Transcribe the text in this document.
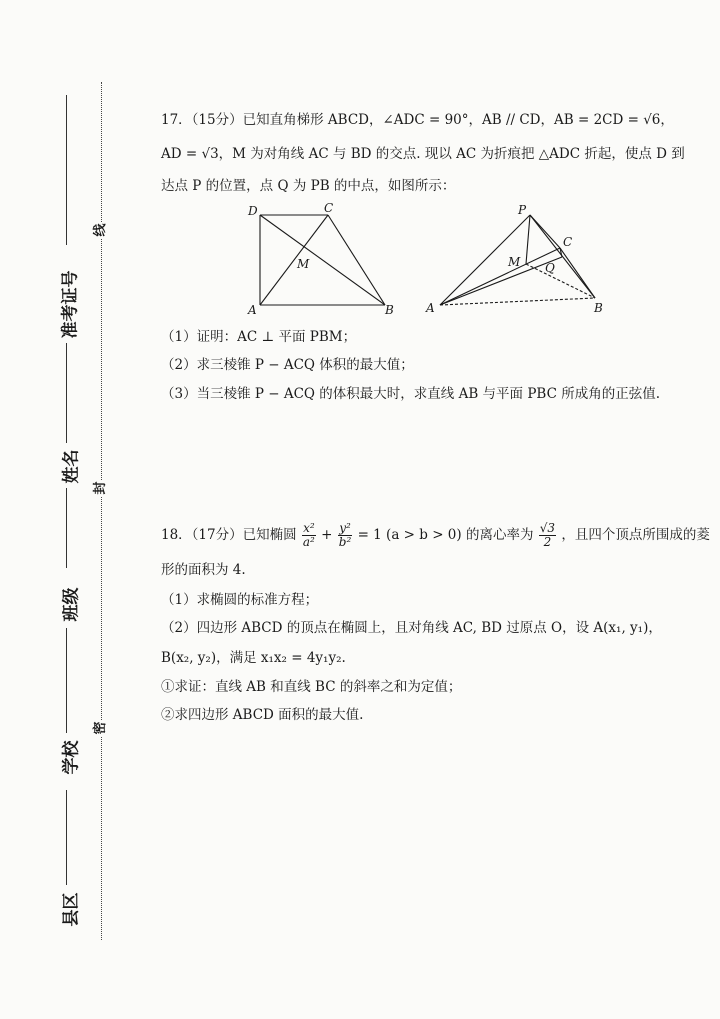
线
封
密
准考证号
姓名
班级
学校
县区
17．（15分）已知直角梯形 ABCD，∠ADC = 90°，AB // CD，AB = 2CD = √6，
AD = √3，M 为对角线 AC 与 BD 的交点. 现以 AC 为折痕把 △ADC 折起，使点 D 到
达点 P 的位置，点 Q 为 PB 的中点，如图所示：
D	C
M
A	B
P
C
M Q
A	B
（1）证明：AC ⊥ 平面 PBM；
（2）求三棱锥 P − ACQ 体积的最大值；
（3）当三棱锥 P − ACQ 的体积最大时，求直线 AB 与平面 PBC 所成角的正弦值.
18．（17分）已知椭圆 $\frac{\text{x²}}{\text{a²}} + \frac{\text{y²}}{\text{b²}} = 1$ (a > b > 0) 的离心率为 $\frac{√3}{2}$ ，且四个顶点所围成的菱
形的面积为 4.
（1）求椭圆的标准方程；
（2）四边形 ABCD 的顶点在椭圆上，且对角线 AC, BD 过原点 O，设 A(x₁, y₁)，
B(x₂, y₂)，满足 x₁x₂ = 4y₁y₂.
①求证：直线 AB 和直线 BC 的斜率之和为定值；
②求四边形 ABCD 面积的最大值.
